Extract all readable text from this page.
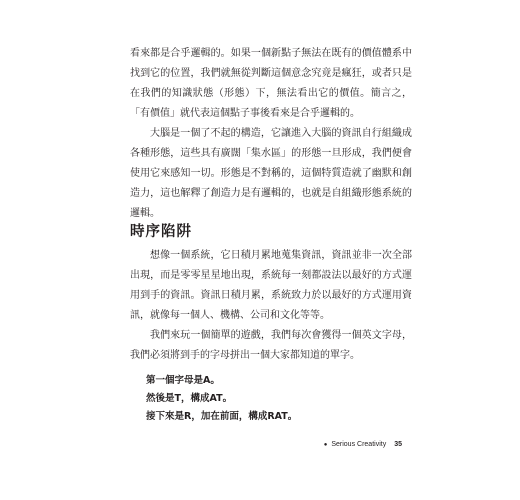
看來都是合乎邏輯的。如果一個新點子無法在既有的價值體系中找到它的位置，我們就無從判斷這個意念究竟是瘋狂，或者只是在我們的知識狀態（形態）下，無法看出它的價值。簡言之，「有價值」就代表這個點子事後看來是合乎邏輯的。

大腦是一個了不起的構造，它讓進入大腦的資訊自行組織成各種形態，這些具有廣闊「集水區」的形態一旦形成，我們便會使用它來感知一切。形態是不對稱的，這個特質造就了幽默和創造力，這也解釋了創造力是有邏輯的，也就是自組織形態系統的邏輯。

時序陷阱

想像一個系統，它日積月累地蒐集資訊，資訊並非一次全部出現，而是零零星星地出現，系統每一刻都設法以最好的方式運用到手的資訊。資訊日積月累，系統致力於以最好的方式運用資訊，就像每一個人、機構、公司和文化等等。

我們來玩一個簡單的遊戲，我們每次會獲得一個英文字母，我們必須將到手的字母拼出一個大家都知道的單字。

第一個字母是A。
然後是T，構成AT。
接下來是R，加在前面，構成RAT。
● Serious Creativity 35
